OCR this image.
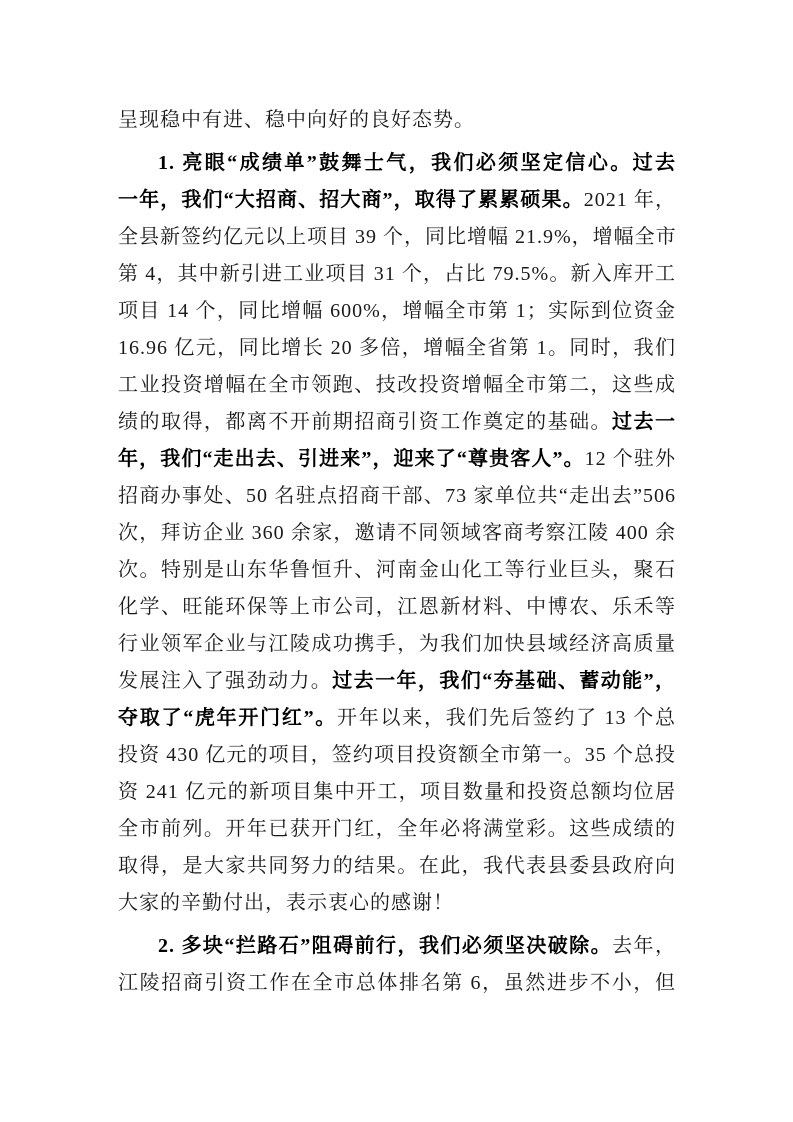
呈现稳中有进、稳中向好的良好态势。
1. 亮眼“成绩单”鼓舞士气，我们必须坚定信心。过去
一年，我们“大招商、招大商”，取得了累累硕果。2021 年，
全县新签约亿元以上项目 39 个，同比增幅 21.9%，增幅全市
第 4，其中新引进工业项目 31 个，占比 79.5%。新入库开工
项目 14 个，同比增幅 600%，增幅全市第 1；实际到位资金
16.96 亿元，同比增长 20 多倍，增幅全省第 1。同时，我们
工业投资增幅在全市领跑、技改投资增幅全市第二，这些成
绩的取得，都离不开前期招商引资工作奠定的基础。过去一
年，我们“走出去、引进来”，迎来了“尊贵客人”。12 个驻外
招商办事处、50 名驻点招商干部、73 家单位共“走出去”506
次，拜访企业 360 余家，邀请不同领域客商考察江陵 400 余
次。特别是山东华鲁恒升、河南金山化工等行业巨头，聚石
化学、旺能环保等上市公司，江恩新材料、中博农、乐禾等
行业领军企业与江陵成功携手，为我们加快县域经济高质量
发展注入了强劲动力。过去一年，我们“夯基础、蓄动能”，
夺取了“虎年开门红”。开年以来，我们先后签约了 13 个总
投资 430 亿元的项目，签约项目投资额全市第一。35 个总投
资 241 亿元的新项目集中开工，项目数量和投资总额均位居
全市前列。开年已获开门红，全年必将满堂彩。这些成绩的
取得，是大家共同努力的结果。在此，我代表县委县政府向
大家的辛勤付出，表示衷心的感谢！
2. 多块“拦路石”阻碍前行，我们必须坚决破除。去年，
江陵招商引资工作在全市总体排名第 6，虽然进步不小，但
